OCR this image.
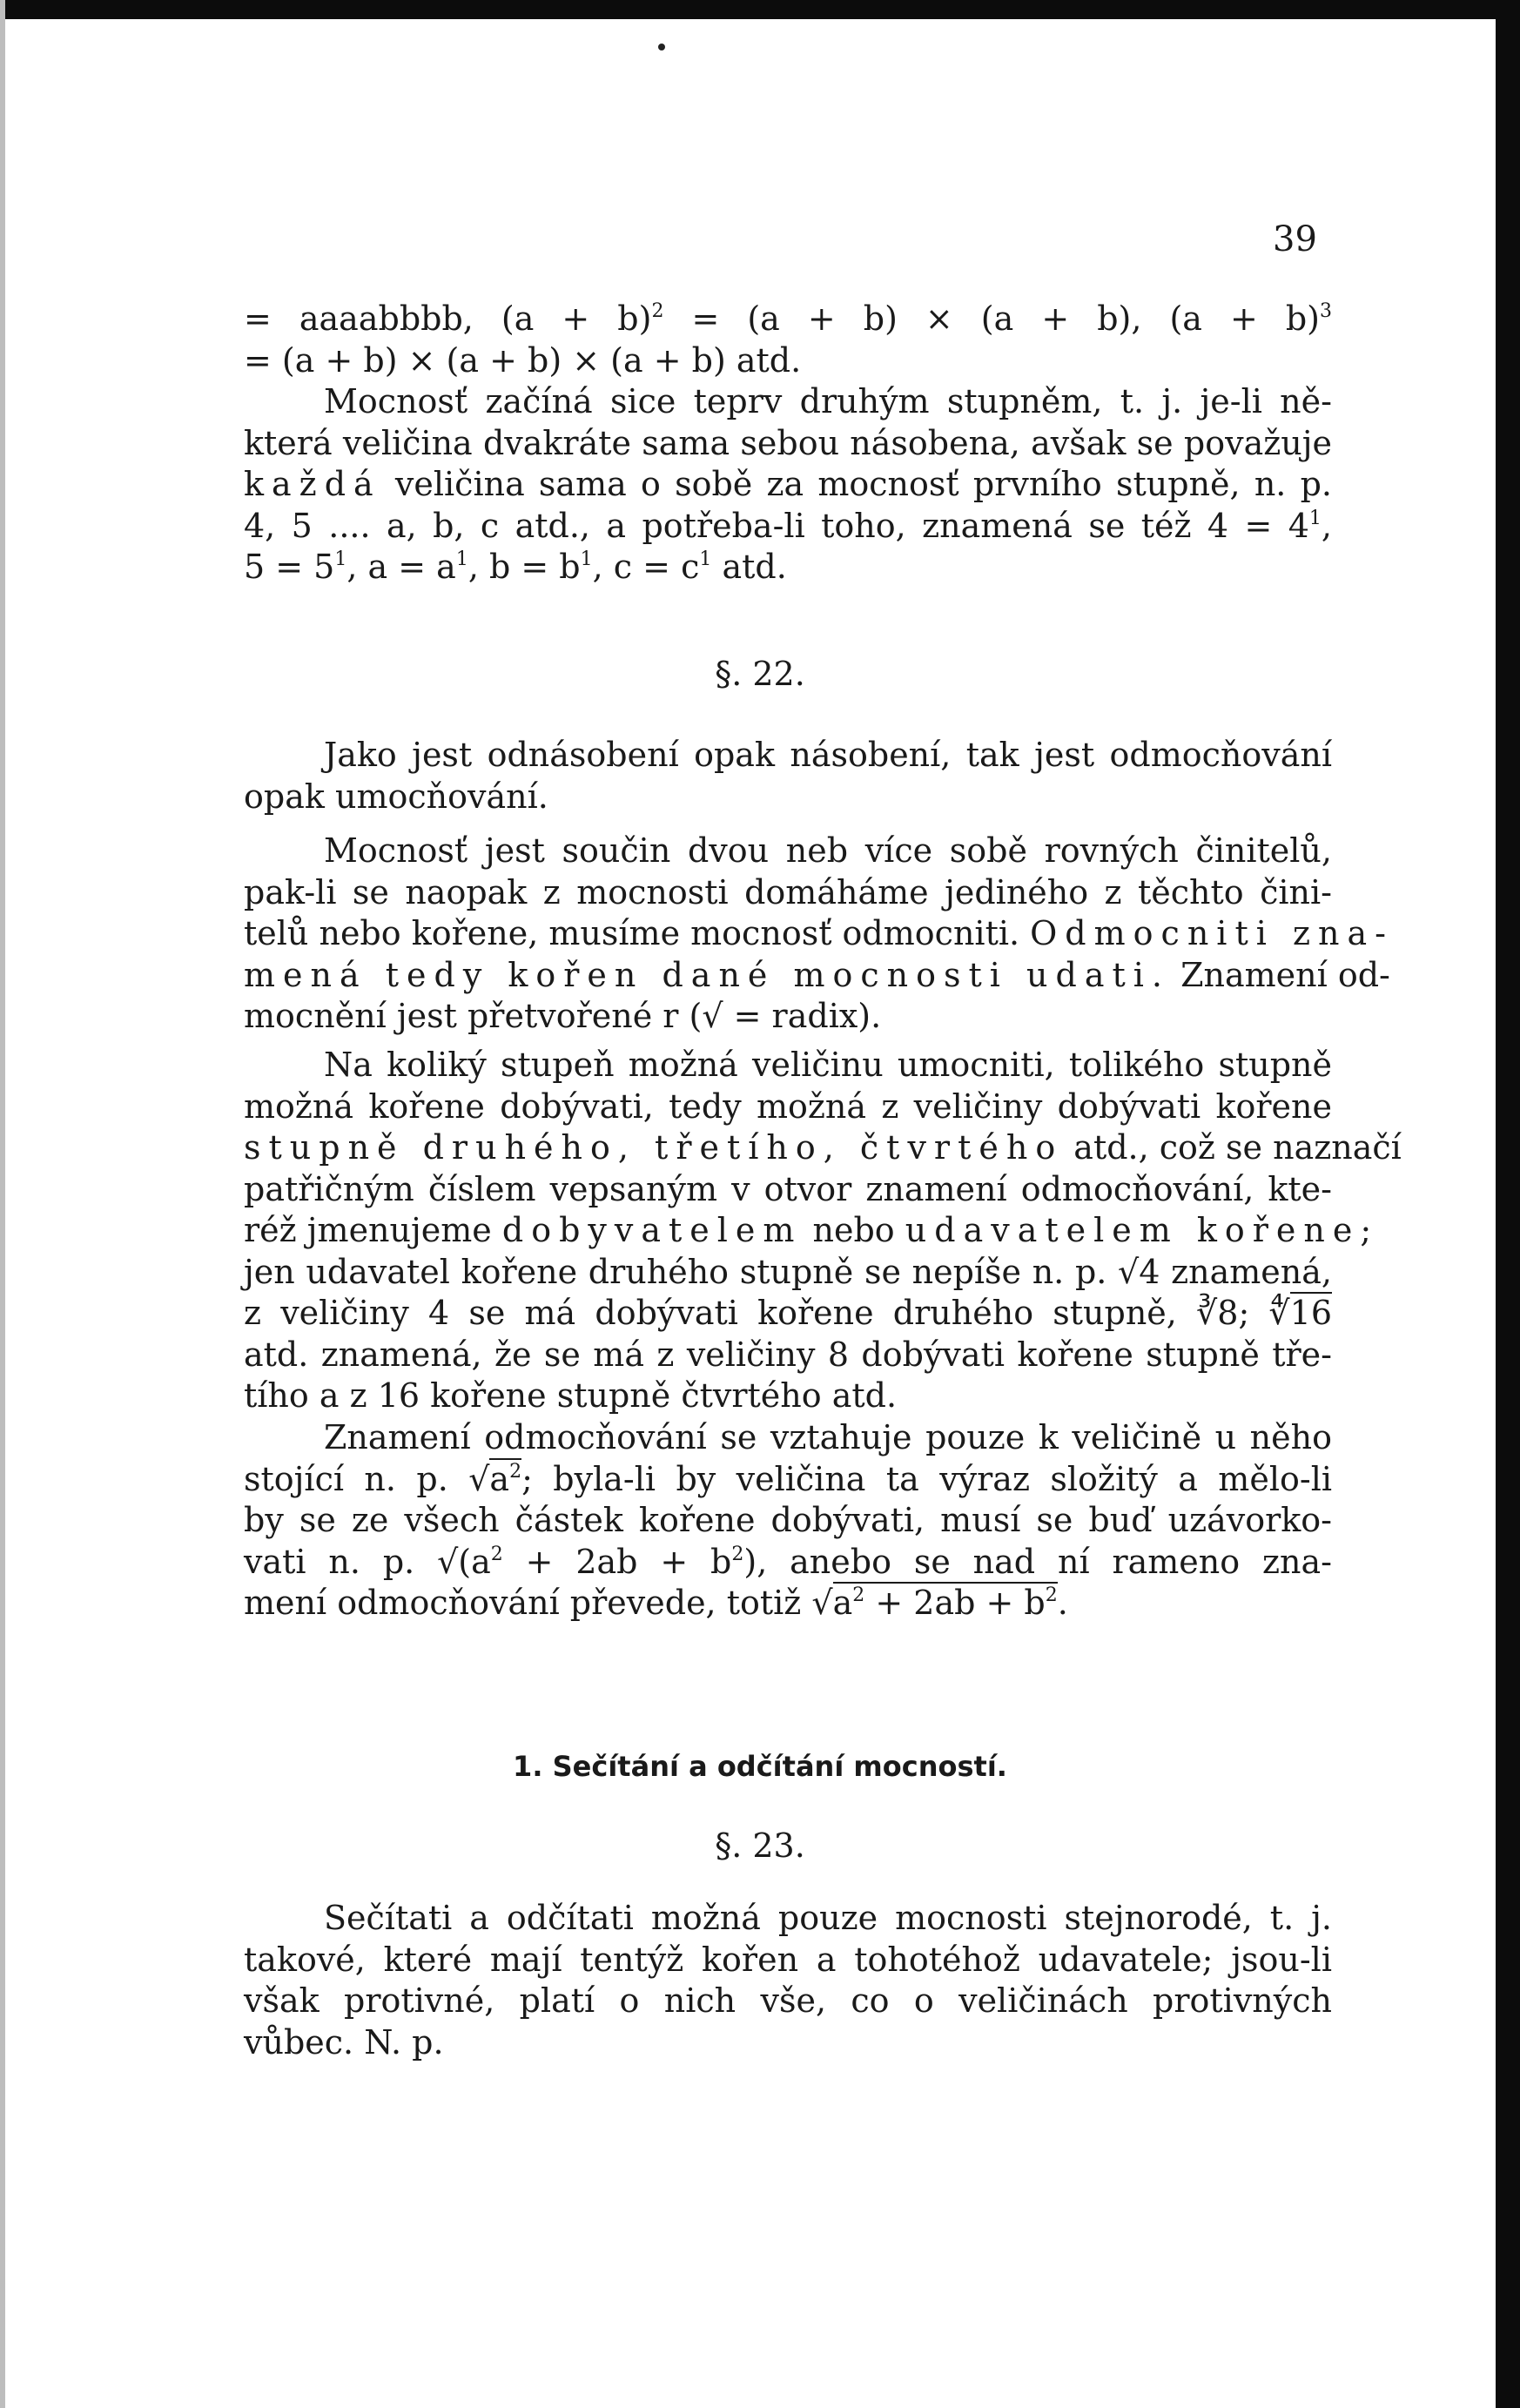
39
= aaaabbbb, $(a + b)^2 = (a + b) \times (a + b)$, $(a + b)^3$
= (a + b) × (a + b) × (a + b) atd.
Mocnosť začíná sice teprv druhým stupněm, t. j. je-li ně-
která veličina dvakráte sama sebou násobena, avšak se považuje
každá veličina sama o sobě za mocnosť prvního stupně, n. p.
4, 5 .... a, b, c atd., a potřeba-li toho, znamená se též $4 = 4^1$,
$5 = 5^1$, $a = a^1$, $b = b^1$, $c = c^1$ atd.
§. 22.
Jako jest odnásobení opak násobení, tak jest odmocňování
opak umocňování.
Mocnosť jest součin dvou neb více sobě rovných činitelů,
pak-li se naopak z mocnosti domáháme jediného z těchto čini-
telů nebo kořene, musíme mocnosť odmocniti. Odmocniti zna-
mená tedy kořen dané mocnosti udati. Znamení od-
mocnění jest přetvořené r (√ = radix).
Na koliký stupeň možná veličinu umocniti, tolikého stupně
možná kořene dobývati, tedy možná z veličiny dobývati kořene
stupně druhého, třetího, čtvrtého atd., což se naznačí
patřičným číslem vepsaným v otvor znamení odmocňování, kte-
réž jmenujeme dobyvatelem nebo udavatelem kořene;
jen udavatel kořene druhého stupně se nepíše n. p. √4 znamená,
z veličiny 4 se má dobývati kořene druhého stupně, ∛8; ∜16
atd. znamená, že se má z veličiny 8 dobývati kořene stupně tře-
tího a z 16 kořene stupně čtvrtého atd.
Znamení odmocňování se vztahuje pouze k veličině u něho
stojící n. p. $√a^2$; byla-li by veličina ta výraz složitý a mělo-li
by se ze všech částek kořene dobývati, musí se buď uzávorko-
vati n. p. $√(a^2 + 2ab + b^2)$, anebo se nad ní rameno zna-
mení odmocňování převede, totiž $√a^2 + 2ab + b^2$.
1. Sečítání a odčítání mocností.
§. 23.
Sečítati a odčítati možná pouze mocnosti stejnorodé, t. j.
takové, které mají tentýž kořen a tohotéhož udavatele; jsou-li
však protivné, platí o nich vše, co o veličinách protivných
vůbec. N. p.
